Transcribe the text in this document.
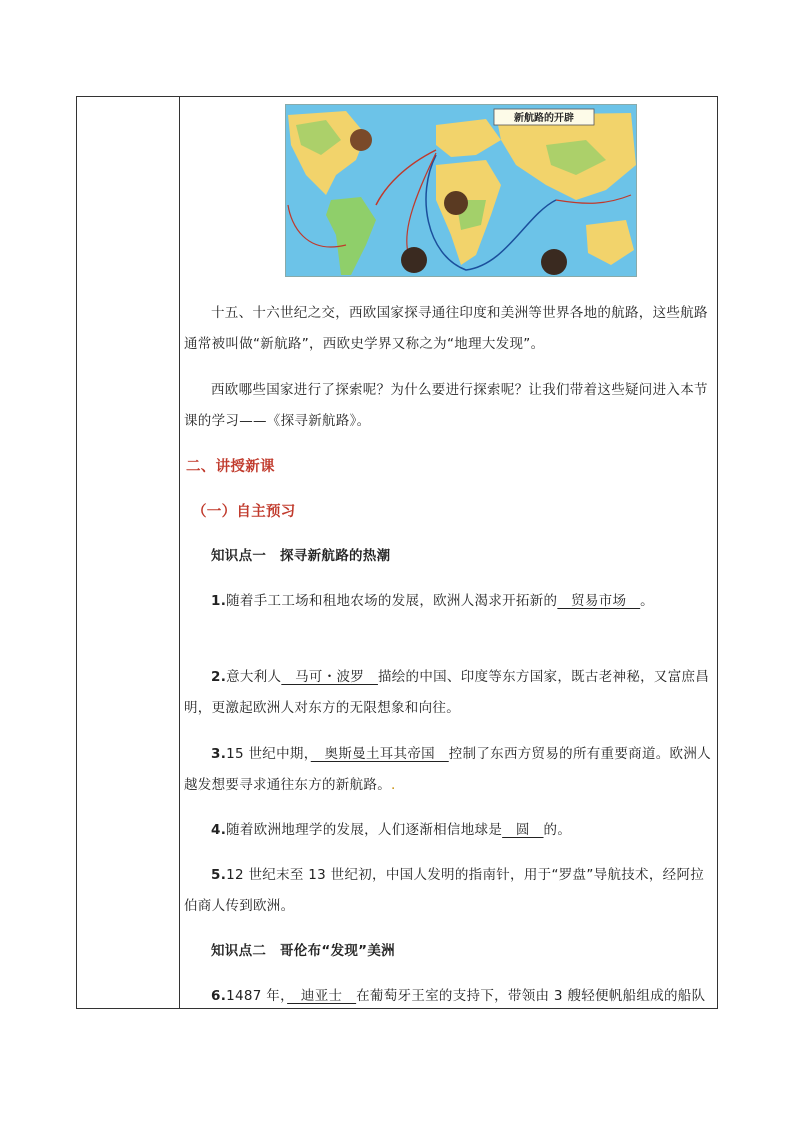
新航路的开辟
十五、十六世纪之交，西欧国家探寻通往印度和美洲等世界各地的航路，这些航路通常被叫做“新航路”，西欧史学界又称之为“地理大发现”。
西欧哪些国家进行了探索呢？为什么要进行探索呢？让我们带着这些疑问进入本节课的学习——《探寻新航路》。
二、讲授新课
（一）自主预习
知识点一　探寻新航路的热潮
1.随着手工工场和租地农场的发展，欧洲人渴求开拓新的　贸易市场　。
2.意大利人　马可・波罗　描绘的中国、印度等东方国家，既古老神秘，又富庶昌明，更激起欧洲人对东方的无限想象和向往。
3.15 世纪中期，　奥斯曼土耳其帝国　控制了东西方贸易的所有重要商道。欧洲人越发想要寻求通往东方的新航路。.
4.随着欧洲地理学的发展，人们逐渐相信地球是　圆　的。
5.12 世纪末至 13 世纪初，中国人发明的指南针，用于“罗盘”导航技术，经阿拉伯商人传到欧洲。
知识点二　哥伦布“发现”美洲
6.1487 年，　迪亚士　在葡萄牙王室的支持下，带领由 3 艘轻便帆船组成的船队
